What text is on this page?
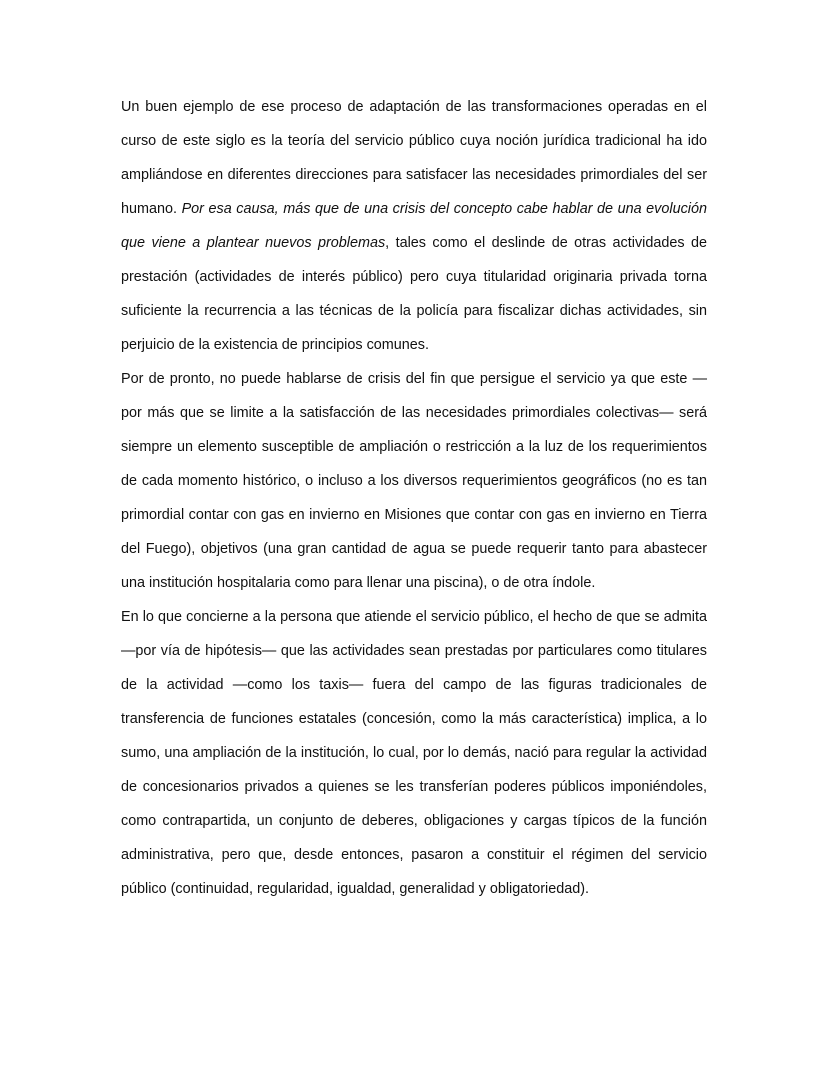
Un buen ejemplo de ese proceso de adaptación de las transformaciones operadas en el curso de este siglo es la teoría del servicio público cuya noción jurídica tradicional ha ido ampliándose en diferentes direcciones para satisfacer las necesidades primordiales del ser humano. Por esa causa, más que de una crisis del concepto cabe hablar de una evolución que viene a plantear nuevos problemas, tales como el deslinde de otras actividades de prestación (actividades de interés público) pero cuya titularidad originaria privada torna suficiente la recurrencia a las técnicas de la policía para fiscalizar dichas actividades, sin perjuicio de la existencia de principios comunes.

Por de pronto, no puede hablarse de crisis del fin que persigue el servicio ya que este —por más que se limite a la satisfacción de las necesidades primordiales colectivas— será siempre un elemento susceptible de ampliación o restricción a la luz de los requerimientos de cada momento histórico, o incluso a los diversos requerimientos geográficos (no es tan primordial contar con gas en invierno en Misiones que contar con gas en invierno en Tierra del Fuego), objetivos (una gran cantidad de agua se puede requerir tanto para abastecer una institución hospitalaria como para llenar una piscina), o de otra índole.

En lo que concierne a la persona que atiende el servicio público, el hecho de que se admita —por vía de hipótesis— que las actividades sean prestadas por particulares como titulares de la actividad —como los taxis— fuera del campo de las figuras tradicionales de transferencia de funciones estatales (concesión, como la más característica) implica, a lo sumo, una ampliación de la institución, lo cual, por lo demás, nació para regular la actividad de concesionarios privados a quienes se les transferían poderes públicos imponiéndoles, como contrapartida, un conjunto de deberes, obligaciones y cargas típicos de la función administrativa, pero que, desde entonces, pasaron a constituir el régimen del servicio público (continuidad, regularidad, igualdad, generalidad y obligatoriedad).
